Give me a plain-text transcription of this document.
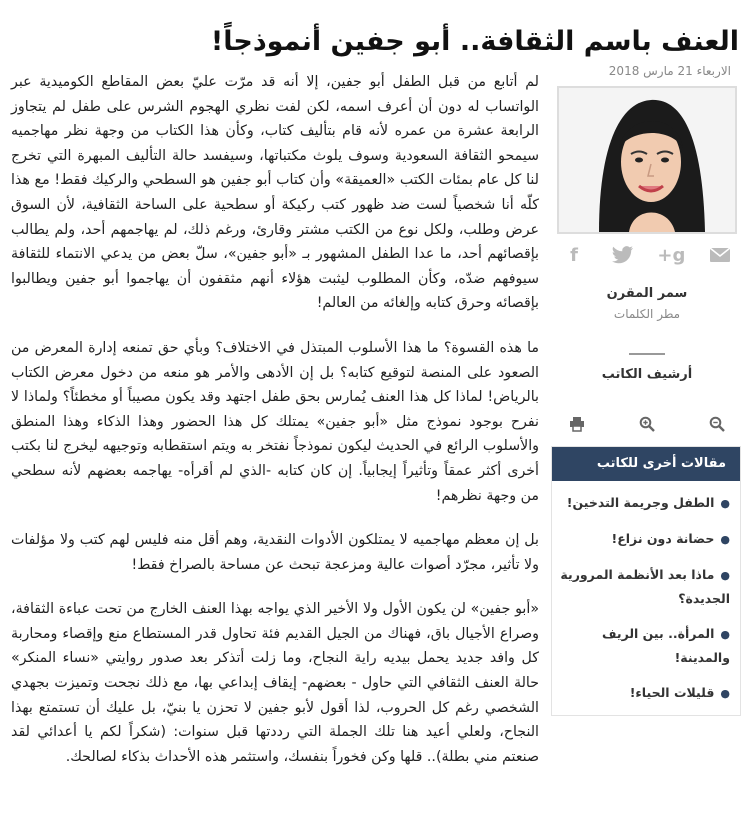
العنف باسم الثقافة.. أبو جفين أنموذجاً!

لم أتابع من قبل الطفل أبو جفين، إلا أنه قد مرّت عليّ بعض المقاطع الكوميدية عبر الواتساب له دون أن أعرف اسمه، لكن لفت نظري الهجوم الشرس على طفل لم يتجاوز الرابعة عشرة من عمره لأنه قام بتأليف كتاب، وكأن هذا الكتاب من وجهة نظر مهاجميه سيمحو الثقافة السعودية وسوف يلوث مكتباتها، وسيفسد حالة التأليف المبهرة التي تخرج لنا كل عام بمئات الكتب «العميقة» وأن كتاب أبو جفين هو السطحي والركيك فقط! مع هذا كلّه أنا شخصياً لست ضد ظهور كتب ركيكة أو سطحية على الساحة الثقافية، لأن السوق عرض وطلب، ولكل نوع من الكتب مشتر وقارئ، ورغم ذلك، لم يهاجمهم أحد، ولم يطالب بإقصائهم أحد، ما عدا الطفل المشهور بـ «أبو جفين»، سلّ بعض من يدعي الانتماء للثقافة سيوفهم ضدّه، وكأن المطلوب ليثبت هؤلاء أنهم مثقفون أن يهاجموا أبو جفين ويطالبوا بإقصائه وحرق كتابه وإلغائه من العالم!

ما هذه القسوة؟ ما هذا الأسلوب المبتذل في الاختلاف؟ وبأي حق تمنعه إدارة المعرض من الصعود على المنصة لتوقيع كتابه؟ بل إن الأدهى والأمر هو منعه من دخول معرض الكتاب بالرياض! لماذا كل هذا العنف يُمارس بحق طفل اجتهد وقد يكون مصيباً أو مخطئاً؟ ولماذا لا نفرح بوجود نموذج مثل «أبو جفين» يمتلك كل هذا الحضور وهذا الذكاء وهذا المنطق والأسلوب الرائع في الحديث ليكون نموذجاً نفتخر به ويتم استقطابه وتوجيهه ليخرج لنا بكتب أخرى أكثر عمقاً وتأثيراً إيجابياً. إن كان كتابه -الذي لم أقرأه- يهاجمه بعضهم لأنه سطحي من وجهة نظرهم!

بل إن معظم مهاجميه لا يمتلكون الأدوات النقدية، وهم أقل منه فليس لهم كتب ولا مؤلفات ولا تأثير، مجرّد أصوات عالية ومزعجة تبحث عن مساحة بالصراخ فقط!

«أبو جفين» لن يكون الأول ولا الأخير الذي يواجه بهذا العنف الخارج من تحت عباءة الثقافة، وصراع الأجيال باق، فهناك من الجيل القديم فئة تحاول قدر المستطاع منع وإقصاء ومحاربة كل وافد جديد يحمل بيديه راية النجاح، وما زلت أتذكر بعد صدور روايتي «نساء المنكر» حالة العنف الثقافي التي حاول - بعضهم- إيقاف إبداعي بها، مع ذلك نجحت وتميزت بجهدي الشخصي رغم كل الحروب، لذا أقول لأبو جفين لا تحزن يا بنيّ، بل عليك أن تستمتع بهذا النجاح، ولعلي أعيد هنا تلك الجملة التي رددتها قبل سنوات: (شكراً لكم يا أعدائي لقد صنعتم مني بطلة).. قلها وكن فخوراً بنفسك، واستثمر هذه الأحداث بذكاء لصالحك.

الاربعاء 21 مارس 2018
f	g+
سمر المقرن
مطر الكلمات
أرشيف الكاتب
مقالات أخرى للكاتب
●الطفل وجريمة التدخين!
●حضانة دون نزاع!
●ماذا بعد الأنظمة المرورية الجديدة؟
●المرأة.. بين الريف والمدينة!
●قليلات الحياء!
